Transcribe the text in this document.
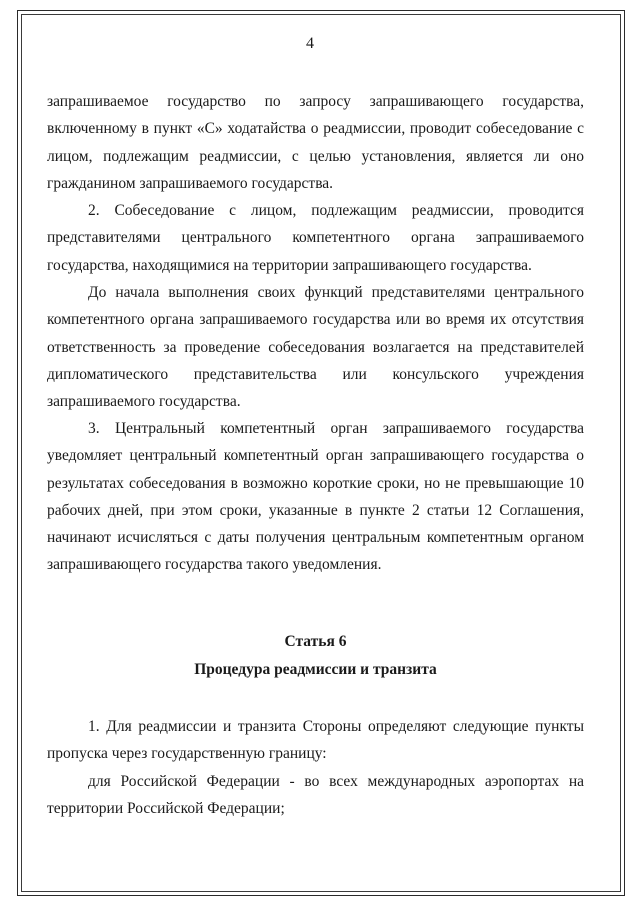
4
запрашиваемое государство по запросу запрашивающего государства, включенному в пункт «С» ходатайства о реадмиссии, проводит собеседование с лицом, подлежащим реадмиссии, с целью установления, является ли оно гражданином запрашиваемого государства.
2. Собеседование с лицом, подлежащим реадмиссии, проводится представителями центрального компетентного органа запрашиваемого государства, находящимися на территории запрашивающего государства.
До начала выполнения своих функций представителями центрального компетентного органа запрашиваемого государства или во время их отсутствия ответственность за проведение собеседования возлагается на представителей дипломатического представительства или консульского учреждения запрашиваемого государства.
3. Центральный компетентный орган запрашиваемого государства уведомляет центральный компетентный орган запрашивающего государства о результатах собеседования в возможно короткие сроки, но не превышающие 10 рабочих дней, при этом сроки, указанные в пункте 2 статьи 12 Соглашения, начинают исчисляться с даты получения центральным компетентным органом запрашивающего государства такого уведомления.
Статья 6
Процедура реадмиссии и транзита
1. Для реадмиссии и транзита Стороны определяют следующие пункты пропуска через государственную границу:
для Российской Федерации - во всех международных аэропортах на территории Российской Федерации;
